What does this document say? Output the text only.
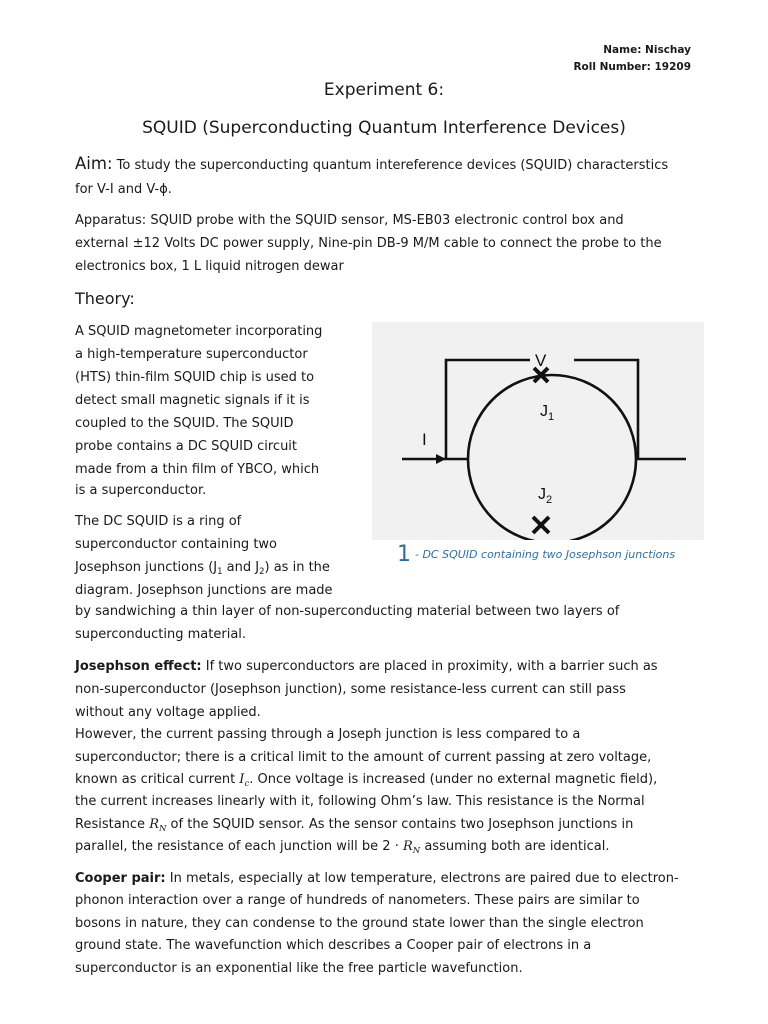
Name: Nischay
Roll Number: 19209
Experiment 6:
SQUID (Superconducting Quantum Interference Devices)
Aim: To study the superconducting quantum intereference devices (SQUID) characterstics
for V-I and V-ϕ.
Apparatus: SQUID probe with the SQUID sensor, MS-EB03 electronic control box and
external ±12 Volts DC power supply, Nine-pin DB-9 M/M cable to connect the probe to the
electronics box, 1 L liquid nitrogen dewar
Theory:
A SQUID magnetometer incorporating
a high-temperature superconductor
(HTS) thin-film SQUID chip is used to
detect small magnetic signals if it is
coupled to the SQUID. The SQUID
probe contains a DC SQUID circuit
made from a thin film of YBCO, which
is a superconductor.
The DC SQUID is a ring of
superconductor containing two
Josephson junctions ($J_1$ and $J_2$) as in the
diagram. Josephson junctions are made
by sandwiching a thin layer of non-superconducting material between two layers of
superconducting material.
V
I
$J_1$
$J_2$
1 - DC SQUID containing two Josephson junctions
Josephson effect: If two superconductors are placed in proximity, with a barrier such as
non-superconductor (Josephson junction), some resistance-less current can still pass
without any voltage applied.
However, the current passing through a Joseph junction is less compared to a
superconductor; there is a critical limit to the amount of current passing at zero voltage,
known as critical current $I_c$. Once voltage is increased (under no external magnetic field),
the current increases linearly with it, following Ohm’s law. This resistance is the Normal
Resistance $R_N$ of the SQUID sensor. As the sensor contains two Josephson junctions in
parallel, the resistance of each junction will be $2 \cdot R_N$ assuming both are identical.
Cooper pair: In metals, especially at low temperature, electrons are paired due to electron-
phonon interaction over a range of hundreds of nanometers. These pairs are similar to
bosons in nature, they can condense to the ground state lower than the single electron
ground state. The wavefunction which describes a Cooper pair of electrons in a
superconductor is an exponential like the free particle wavefunction.
